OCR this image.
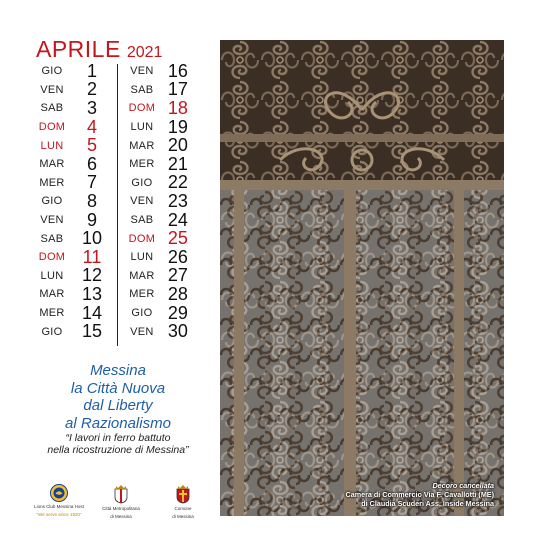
APRILE 2021
GIO	1
VEN	2
SAB	3
DOM	4
LUN	5
MAR	6
MER	7
GIO	8
VEN	9
SAB	10
DOM 11
LUN	12
MAR 13
MER 14
GIO	15
VEN 16
SAB 17
DOM 18
LUN 19
MAR 20
MER 21
GIO 22
VEN 23
SAB 24
DOM 25
LUN 26
MAR 27
MER 28
GIO 29
VEN 30
Messina
la Città Nuova
dal Liberty
al Razionalismo
“I lavori in ferro battuto
nella ricostruzione di Messina”
Lions Club Messina Host
“We serve since 1920”
Città Metropolitana
di Messina
Comune
di Messina
Decoro cancellata
Camera di Commercio Via F. Cavallotti (ME)
di Claudia Scuderi Ass. Inside Messina
